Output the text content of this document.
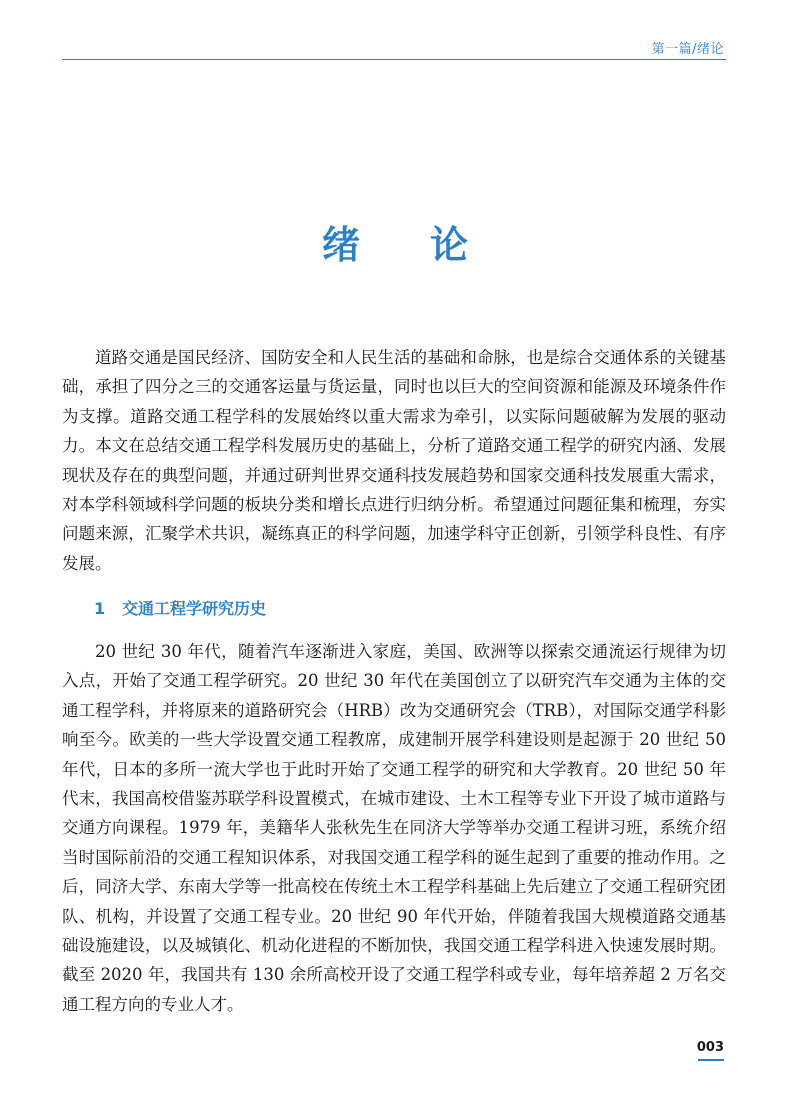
第一篇/绪论
绪论

道路交通是国民经济、国防安全和人民生活的基础和命脉，也是综合交通体系的关键基础，承担了四分之三的交通客运量与货运量，同时也以巨大的空间资源和能源及环境条件作为支撑。道路交通工程学科的发展始终以重大需求为牵引，以实际问题破解为发展的驱动力。本文在总结交通工程学科发展历史的基础上，分析了道路交通工程学的研究内涵、发展现状及存在的典型问题，并通过研判世界交通科技发展趋势和国家交通科技发展重大需求，对本学科领域科学问题的板块分类和增长点进行归纳分析。希望通过问题征集和梳理，夯实问题来源，汇聚学术共识，凝练真正的科学问题，加速学科守正创新，引领学科良性、有序发展。

1 交通工程学研究历史

20 世纪 30 年代，随着汽车逐渐进入家庭，美国、欧洲等以探索交通流运行规律为切入点，开始了交通工程学研究。20 世纪 30 年代在美国创立了以研究汽车交通为主体的交通工程学科，并将原来的道路研究会（HRB）改为交通研究会（TRB），对国际交通学科影响至今。欧美的一些大学设置交通工程教席，成建制开展学科建设则是起源于 20 世纪 50 年代，日本的多所一流大学也于此时开始了交通工程学的研究和大学教育。20 世纪 50 年代末，我国高校借鉴苏联学科设置模式，在城市建设、土木工程等专业下开设了城市道路与交通方向课程。1979 年，美籍华人张秋先生在同济大学等举办交通工程讲习班，系统介绍当时国际前沿的交通工程知识体系，对我国交通工程学科的诞生起到了重要的推动作用。之后，同济大学、东南大学等一批高校在传统土木工程学科基础上先后建立了交通工程研究团队、机构，并设置了交通工程专业。20 世纪 90 年代开始，伴随着我国大规模道路交通基础设施建设，以及城镇化、机动化进程的不断加快，我国交通工程学科进入快速发展时期。截至 2020 年，我国共有 130 余所高校开设了交通工程学科或专业，每年培养超 2 万名交通工程方向的专业人才。

003
